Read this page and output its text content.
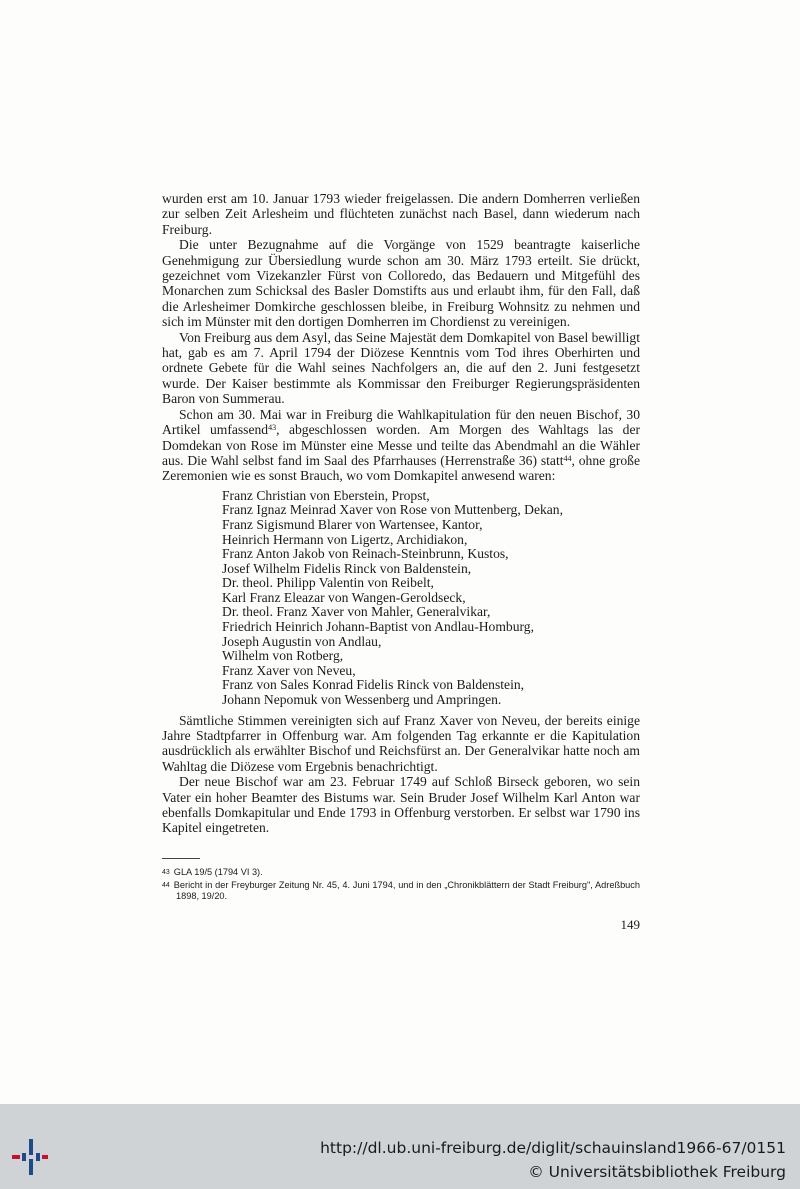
wurden erst am 10. Januar 1793 wieder freigelassen. Die andern Domherren verließen zur selben Zeit Arlesheim und flüchteten zunächst nach Basel, dann wiederum nach Freiburg.

Die unter Bezugnahme auf die Vorgänge von 1529 beantragte kaiserliche Genehmigung zur Übersiedlung wurde schon am 30. März 1793 erteilt. Sie drückt, gezeichnet vom Vizekanzler Fürst von Colloredo, das Bedauern und Mitgefühl des Monarchen zum Schicksal des Basler Domstifts aus und erlaubt ihm, für den Fall, daß die Arlesheimer Domkirche geschlossen bleibe, in Freiburg Wohnsitz zu nehmen und sich im Münster mit den dortigen Domherren im Chordienst zu vereinigen.

Von Freiburg aus dem Asyl, das Seine Majestät dem Domkapitel von Basel bewilligt hat, gab es am 7. April 1794 der Diözese Kenntnis vom Tod ihres Oberhirten und ordnete Gebete für die Wahl seines Nachfolgers an, die auf den 2. Juni festgesetzt wurde. Der Kaiser bestimmte als Kommissar den Freiburger Regierungspräsidenten Baron von Summerau.

Schon am 30. Mai war in Freiburg die Wahlkapitulation für den neuen Bischof, 30 Artikel umfassend$^{43}$, abgeschlossen worden. Am Morgen des Wahltags las der Domdekan von Rose im Münster eine Messe und teilte das Abendmahl an die Wähler aus. Die Wahl selbst fand im Saal des Pfarrhauses (Herrenstraße 36) statt$^{44}$, ohne große Zeremonien wie es sonst Brauch, wo vom Domkapitel anwesend waren:

Franz Christian von Eberstein, Propst,
Franz Ignaz Meinrad Xaver von Rose von Muttenberg, Dekan,
Franz Sigismund Blarer von Wartensee, Kantor,
Heinrich Hermann von Ligertz, Archidiakon,
Franz Anton Jakob von Reinach-Steinbrunn, Kustos,
Josef Wilhelm Fidelis Rinck von Baldenstein,
Dr. theol. Philipp Valentin von Reibelt,
Karl Franz Eleazar von Wangen-Geroldseck,
Dr. theol. Franz Xaver von Mahler, Generalvikar,
Friedrich Heinrich Johann-Baptist von Andlau-Homburg,
Joseph Augustin von Andlau,
Wilhelm von Rotberg,
Franz Xaver von Neveu,
Franz von Sales Konrad Fidelis Rinck von Baldenstein,
Johann Nepomuk von Wessenberg und Ampringen.

Sämtliche Stimmen vereinigten sich auf Franz Xaver von Neveu, der bereits einige Jahre Stadtpfarrer in Offenburg war. Am folgenden Tag erkannte er die Kapitulation ausdrücklich als erwählter Bischof und Reichsfürst an. Der Generalvikar hatte noch am Wahltag die Diözese vom Ergebnis benachrichtigt.

Der neue Bischof war am 23. Februar 1749 auf Schloß Birseck geboren, wo sein Vater ein hoher Beamter des Bistums war. Sein Bruder Josef Wilhelm Karl Anton war ebenfalls Domkapitular und Ende 1793 in Offenburg verstorben. Er selbst war 1790 ins Kapitel eingetreten.

$^{43}$ GLA 19/5 (1794 VI 3).

$^{44}$ Bericht in der Freyburger Zeitung Nr. 45, 4. Juni 1794, und in den „Chronikblättern der Stadt Freiburg", Adreßbuch 1898, 19/20.

149
http://dl.ub.uni-freiburg.de/diglit/schauinsland1966-67/0151
© Universitätsbibliothek Freiburg
